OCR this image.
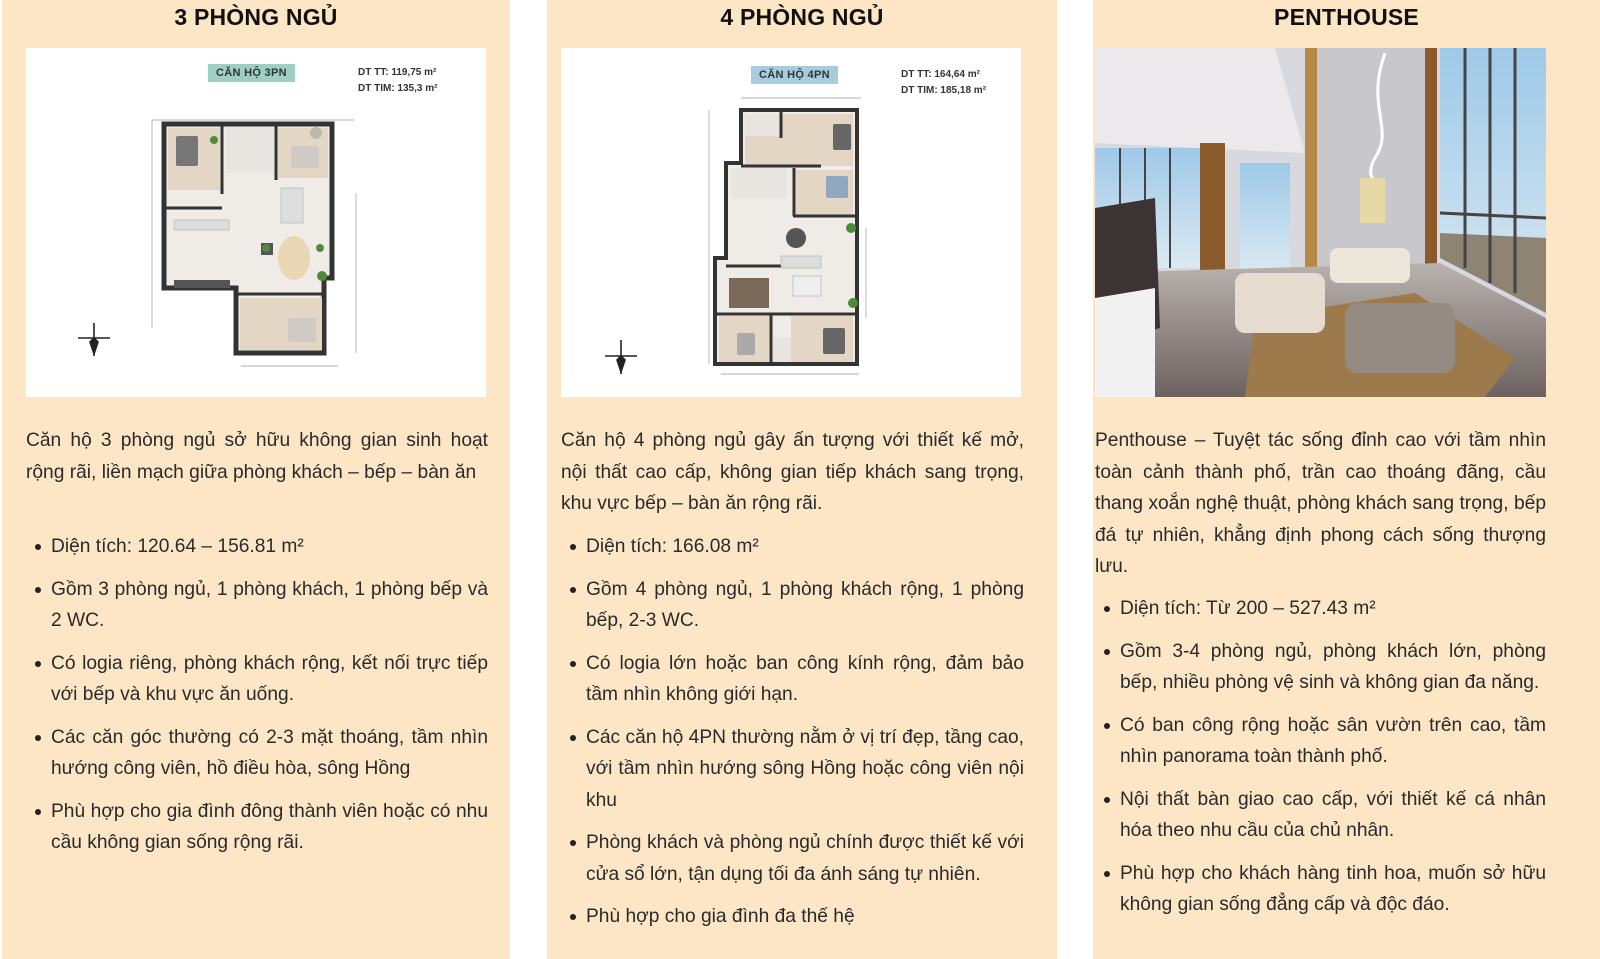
3 PHÒNG NGỦ
CĂN HỘ 3PN	DT TT: 119,75 m²
DT TIM: 135,3 m²

Căn hộ 3 phòng ngủ sở hữu không gian sinh hoạt rộng rãi, liền mạch giữa phòng khách – bếp – bàn ăn

Diện tích: 120.64 – 156.81 m²
Gồm 3 phòng ngủ, 1 phòng khách, 1 phòng bếp và 2 WC.
Có logia riêng, phòng khách rộng, kết nối trực tiếp với bếp và khu vực ăn uống.
Các căn góc thường có 2-3 mặt thoáng, tầm nhìn hướng công viên, hồ điều hòa, sông Hồng
Phù hợp cho gia đình đông thành viên hoặc có nhu cầu không gian sống rộng rãi.
4 PHÒNG NGỦ
CĂN HỘ 4PN	DT TT: 164,64 m²
DT TIM: 185,18 m²

Căn hộ 4 phòng ngủ gây ấn tượng với thiết kế mở, nội thất cao cấp, không gian tiếp khách sang trọng, khu vực bếp – bàn ăn rộng rãi.

Diện tích: 166.08 m²
Gồm 4 phòng ngủ, 1 phòng khách rộng, 1 phòng bếp, 2-3 WC.
Có logia lớn hoặc ban công kính rộng, đảm bảo tầm nhìn không giới hạn.
Các căn hộ 4PN thường nằm ở vị trí đẹp, tầng cao, với tầm nhìn hướng sông Hồng hoặc công viên nội khu
Phòng khách và phòng ngủ chính được thiết kế với cửa sổ lớn, tận dụng tối đa ánh sáng tự nhiên.
Phù hợp cho gia đình đa thế hệ
PENTHOUSE

Penthouse – Tuyệt tác sống đỉnh cao với tầm nhìn toàn cảnh thành phố, trần cao thoáng đãng, cầu thang xoắn nghệ thuật, phòng khách sang trọng, bếp đá tự nhiên, khẳng định phong cách sống thượng lưu.

Diện tích: Từ 200 – 527.43 m²
Gồm 3-4 phòng ngủ, phòng khách lớn, phòng bếp, nhiều phòng vệ sinh và không gian đa năng.
Có ban công rộng hoặc sân vườn trên cao, tầm nhìn panorama toàn thành phố.
Nội thất bàn giao cao cấp, với thiết kế cá nhân hóa theo nhu cầu của chủ nhân.
Phù hợp cho khách hàng tinh hoa, muốn sở hữu không gian sống đẳng cấp và độc đáo.
